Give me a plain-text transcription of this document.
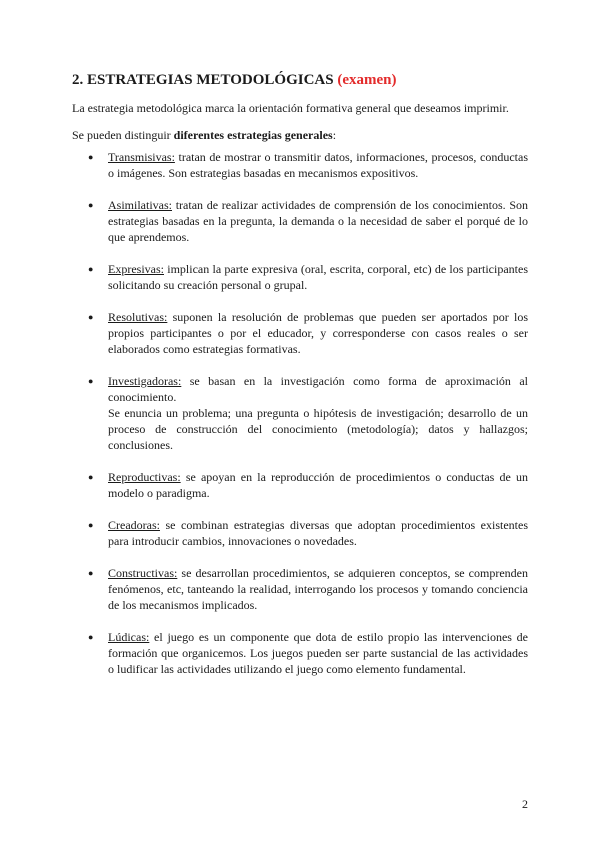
2. ESTRATEGIAS METODOLÓGICAS (examen)

La estrategia metodológica marca la orientación formativa general que deseamos imprimir.

Se pueden distinguir diferentes estrategias generales:

● Transmisivas: tratan de mostrar o transmitir datos, informaciones, procesos, conductas o imágenes. Son estrategias basadas en mecanismos expositivos.
● Asimilativas: tratan de realizar actividades de comprensión de los conocimientos. Son estrategias basadas en la pregunta, la demanda o la necesidad de saber el porqué de lo que aprendemos.
● Expresivas: implican la parte expresiva (oral, escrita, corporal, etc) de los participantes solicitando su creación personal o grupal.
● Resolutivas: suponen la resolución de problemas que pueden ser aportados por los propios participantes o por el educador, y corresponderse con casos reales o ser elaborados como estrategias formativas.
● Investigadoras: se basan en la investigación como forma de aproximación al conocimiento.
Se enuncia un problema; una pregunta o hipótesis de investigación; desarrollo de un proceso de construcción del conocimiento (metodología); datos y hallazgos; conclusiones.
● Reproductivas: se apoyan en la reproducción de procedimientos o conductas de un modelo o paradigma.
● Creadoras: se combinan estrategias diversas que adoptan procedimientos existentes para introducir cambios, innovaciones o novedades.
● Constructivas: se desarrollan procedimientos, se adquieren conceptos, se comprenden fenómenos, etc, tanteando la realidad, interrogando los procesos y tomando conciencia de los mecanismos implicados.
● Lúdicas: el juego es un componente que dota de estilo propio las intervenciones de formación que organicemos. Los juegos pueden ser parte sustancial de las actividades o ludificar las actividades utilizando el juego como elemento fundamental.
2
